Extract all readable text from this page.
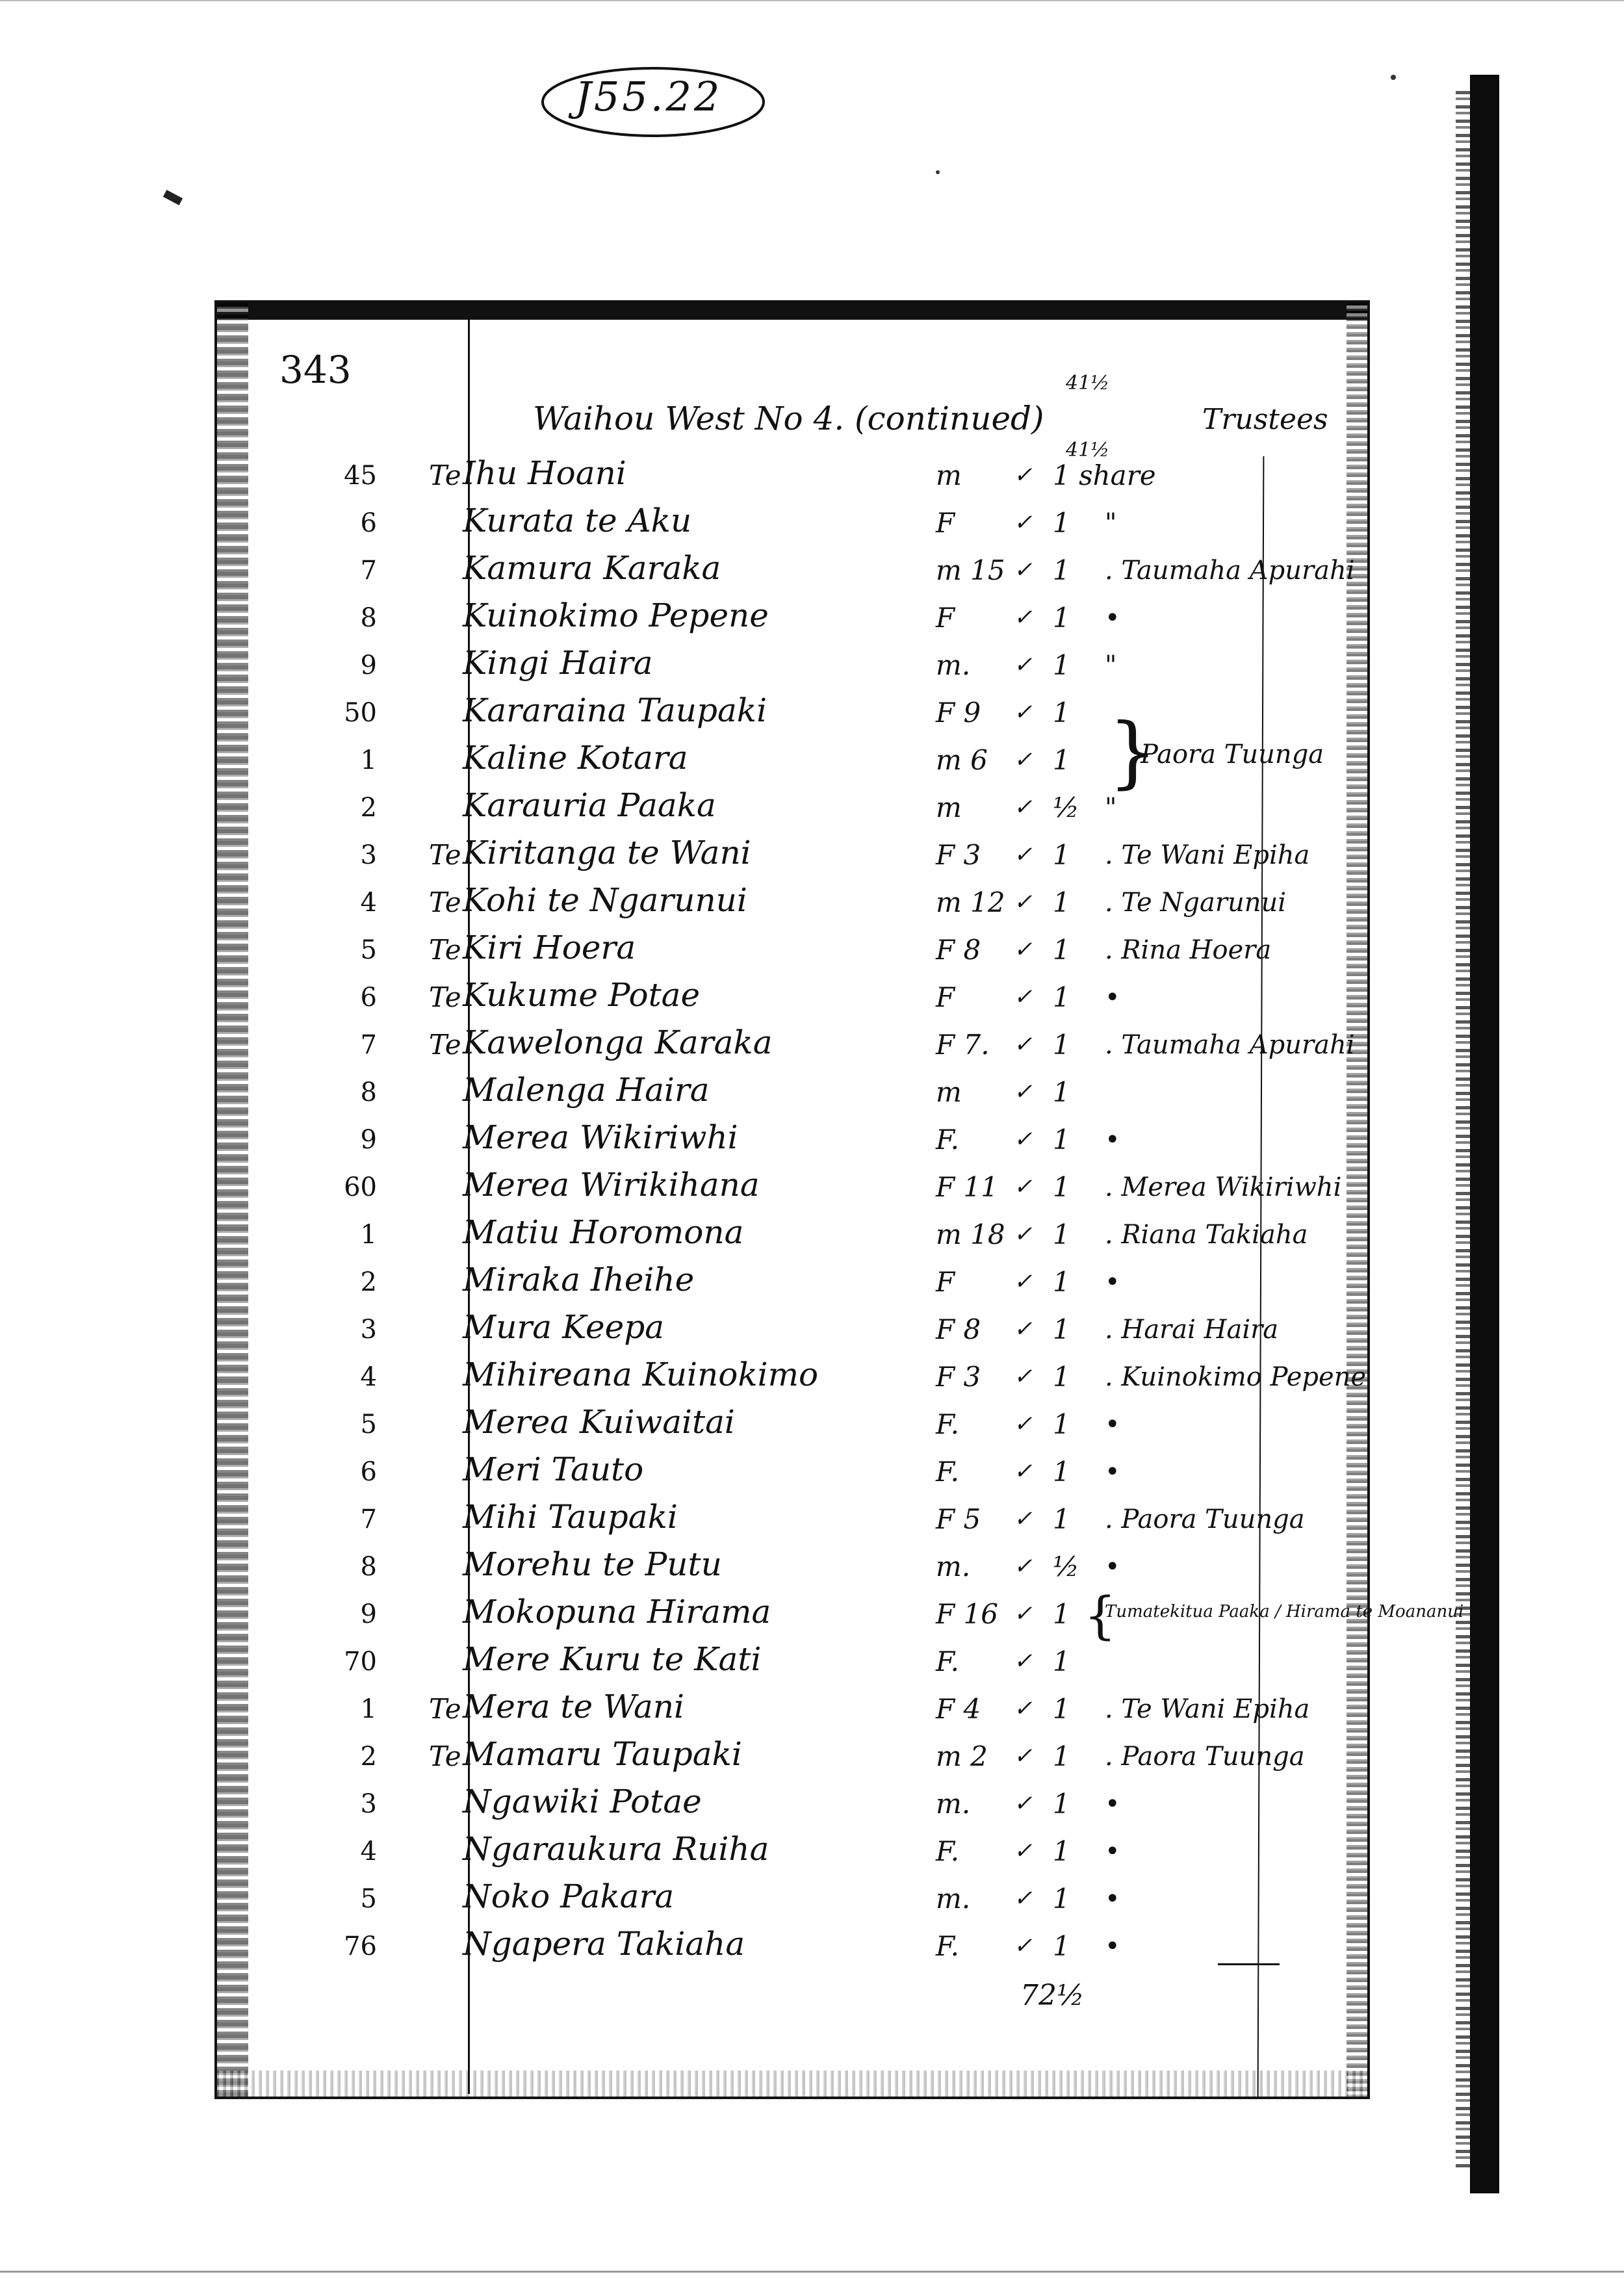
J55.22
343
Waihou West No 4. (continued)	Trustees
41½
41½
45 Te Ihu Hoani	m ✓ 1 share
6	Kurata te Aku	F	✓ 1 "
7	Kamura Karaka	m 15 ✓ 1 . Taumaha Apurahi
8	Kuinokimo Pepene	F	✓ 1 •
9	Kingi Haira	m. ✓ 1 "
50	Kararaina Taupaki	F 9 ✓ 1
1	Kaline Kotara	m 6 ✓ 1
2	Karauria Paaka	m ✓ ½ "
3 Te Kiritanga te Wani	F 3 ✓ 1 . Te Wani Epiha
4 Te Kohi te Ngarunui	m 12 ✓ 1 . Te Ngarunui
5 Te Kiri Hoera	F 8 ✓ 1 . Rina Hoera
6 Te Kukume Potae	F	✓ 1 •
7 Te Kawelonga Karaka	F 7. ✓ 1 . Taumaha Apurahi
8	Malenga Haira	m ✓ 1
9	Merea Wikiriwhi	F. ✓ 1 •
60	Merea Wirikihana	F 11 ✓ 1 . Merea Wikiriwhi
1	Matiu Horomona	m 18 ✓ 1 . Riana Takiaha
2	Miraka Iheihe	F	✓ 1 •
3	Mura Keepa	F 8 ✓ 1 . Harai Haira
4	Mihireana Kuinokimo	F 3 ✓ 1 . Kuinokimo Pepene
5	Merea Kuiwaitai	F. ✓ 1 •
6	Meri Tauto	F. ✓ 1 •
7	Mihi Taupaki	F 5 ✓ 1 . Paora Tuunga
8	Morehu te Putu	m. ✓ ½ •
9	Mokopuna Hirama	F 16 ✓ 1 Tumatekitua Paaka / Hirama te Moananui
70	Mere Kuru te Kati	F. ✓ 1
1 Te Mera te Wani	F 4 ✓ 1 . Te Wani Epiha
2 Te Mamaru Taupaki	m 2 ✓ 1 . Paora Tuunga
3	Ngawiki Potae	m. ✓ 1 •
4	Ngaraukura Ruiha	F. ✓ 1 •
5	Noko Pakara	m. ✓ 1 •
76	Ngapera Takiaha	F. ✓ 1 •
}
Paora Tuunga
{
72½
